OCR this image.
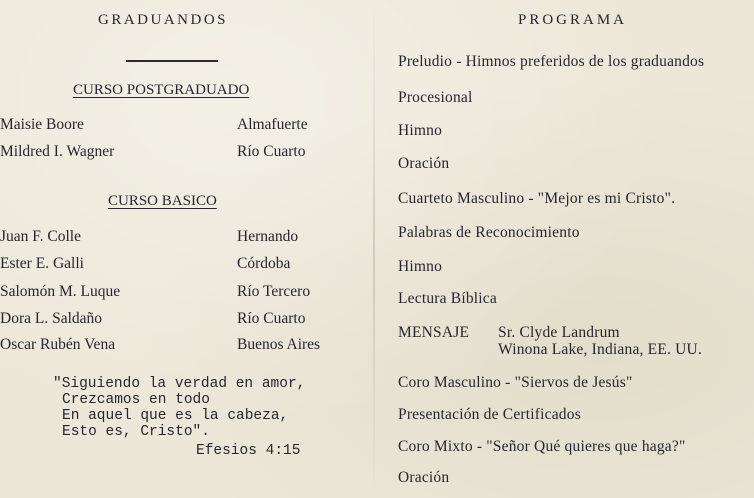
GRADUANDOS
CURSO POSTGRADUADO
Maisie Boore	Almafuerte
Mildred I. Wagner	Río Cuarto
CURSO BASICO
Juan F. Colle	Hernando
Ester E. Galli	Córdoba
Salomón M. Luque	Río Tercero
Dora L. Saldaño	Río Cuarto
Oscar Rubén Vena	Buenos Aires
"Siguiendo la verdad en amor,
Crezcamos en todo
En aquel que es la cabeza,
Esto es, Cristo".
Efesios 4:15
PROGRAMA
Preludio - Himnos preferidos de los graduandos
Procesional
Himno
Oración
Cuarteto Masculino - "Mejor es mi Cristo".
Palabras de Reconocimiento
Himno
Lectura Bíblica
MENSAJE Sr. Clyde Landrum
Winona Lake, Indiana, EE. UU.
Coro Masculino - "Siervos de Jesús"
Presentación de Certificados
Coro Mixto - "Señor Qué quieres que haga?"
Oración
